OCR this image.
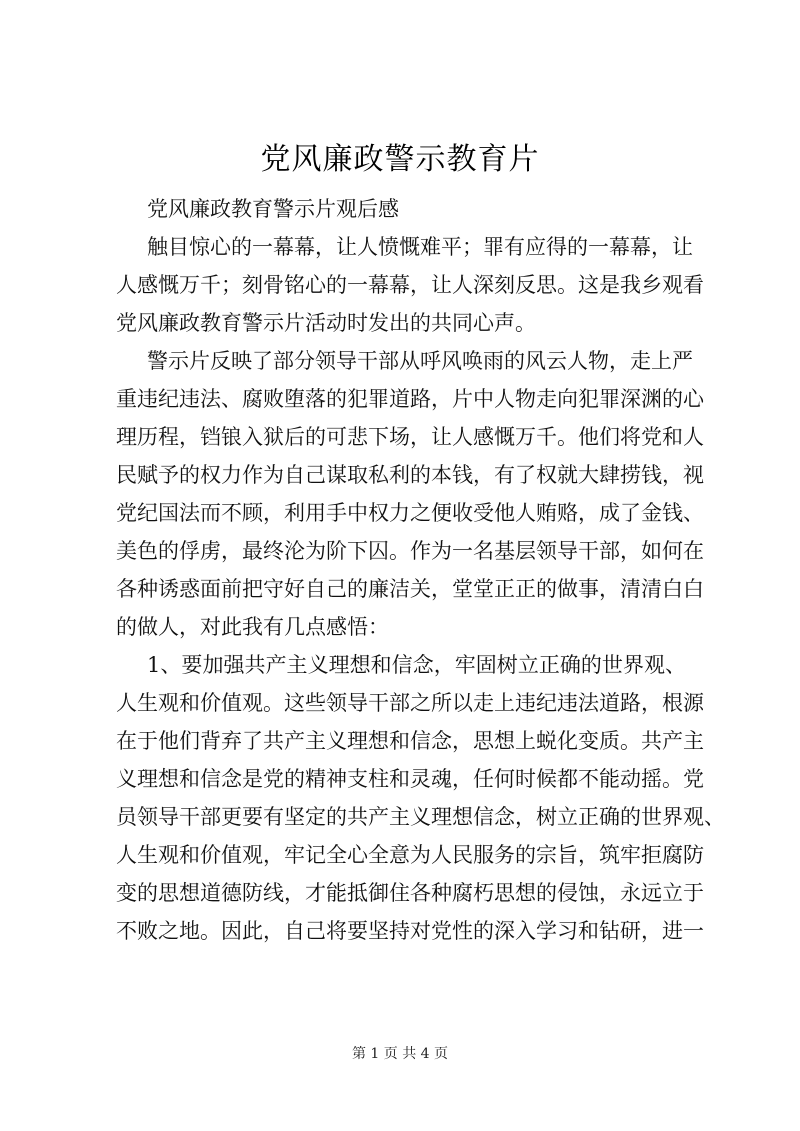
党风廉政警示教育片
党风廉政教育警示片观后感
触目惊心的一幕幕，让人愤慨难平；罪有应得的一幕幕，让
人感慨万千；刻骨铭心的一幕幕，让人深刻反思。这是我乡观看
党风廉政教育警示片活动时发出的共同心声。
警示片反映了部分领导干部从呼风唤雨的风云人物，走上严
重违纪违法、腐败堕落的犯罪道路，片中人物走向犯罪深渊的心
理历程，铛锒入狱后的可悲下场，让人感慨万千。他们将党和人
民赋予的权力作为自己谋取私利的本钱，有了权就大肆捞钱，视
党纪国法而不顾，利用手中权力之便收受他人贿赂，成了金钱、
美色的俘虏，最终沦为阶下囚。作为一名基层领导干部，如何在
各种诱惑面前把守好自己的廉洁关，堂堂正正的做事，清清白白
的做人，对此我有几点感悟：
1、要加强共产主义理想和信念，牢固树立正确的世界观、
人生观和价值观。这些领导干部之所以走上违纪违法道路，根源
在于他们背弃了共产主义理想和信念，思想上蜕化变质。共产主
义理想和信念是党的精神支柱和灵魂，任何时候都不能动摇。党
员领导干部更要有坚定的共产主义理想信念，树立正确的世界观、
人生观和价值观，牢记全心全意为人民服务的宗旨，筑牢拒腐防
变的思想道德防线，才能抵御住各种腐朽思想的侵蚀，永远立于
不败之地。因此，自己将要坚持对党性的深入学习和钻研，进一
第 1 页 共 4 页
